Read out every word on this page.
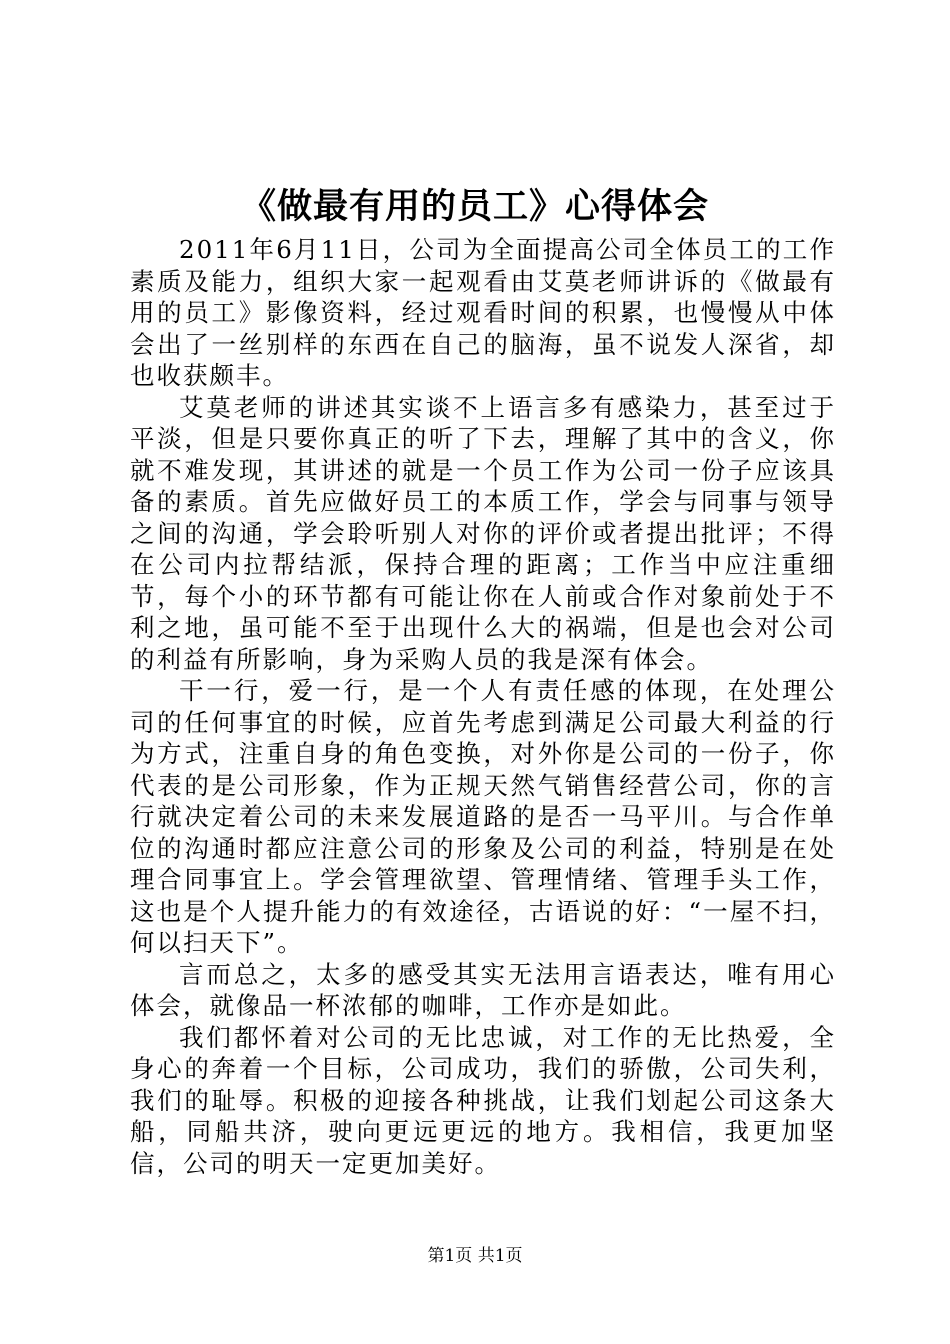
《做最有用的员工》心得体会

2011年6月11日，公司为全面提高公司全体员工的工作素质及能力，组织大家一起观看由艾莫老师讲诉的《做最有用的员工》影像资料，经过观看时间的积累，也慢慢从中体会出了一丝别样的东西在自己的脑海，虽不说发人深省，却也收获颇丰。

艾莫老师的讲述其实谈不上语言多有感染力，甚至过于平淡，但是只要你真正的听了下去，理解了其中的含义，你就不难发现，其讲述的就是一个员工作为公司一份子应该具备的素质。首先应做好员工的本质工作，学会与同事与领导之间的沟通，学会聆听别人对你的评价或者提出批评；不得在公司内拉帮结派，保持合理的距离；工作当中应注重细节，每个小的环节都有可能让你在人前或合作对象前处于不利之地，虽可能不至于出现什么大的祸端，但是也会对公司的利益有所影响，身为采购人员的我是深有体会。

干一行，爱一行，是一个人有责任感的体现，在处理公司的任何事宜的时候，应首先考虑到满足公司最大利益的行为方式，注重自身的角色变换，对外你是公司的一份子，你代表的是公司形象，作为正规天然气销售经营公司，你的言行就决定着公司的未来发展道路的是否一马平川。与合作单位的沟通时都应注意公司的形象及公司的利益，特别是在处理合同事宜上。学会管理欲望、管理情绪、管理手头工作，这也是个人提升能力的有效途径，古语说的好：“一屋不扫，何以扫天下”。

言而总之，太多的感受其实无法用言语表达，唯有用心体会，就像品一杯浓郁的咖啡，工作亦是如此。

我们都怀着对公司的无比忠诚，对工作的无比热爱，全身心的奔着一个目标，公司成功，我们的骄傲，公司失利，我们的耻辱。积极的迎接各种挑战，让我们划起公司这条大船，同船共济，驶向更远更远的地方。我相信，我更加坚信，公司的明天一定更加美好。

第1页 共1页
